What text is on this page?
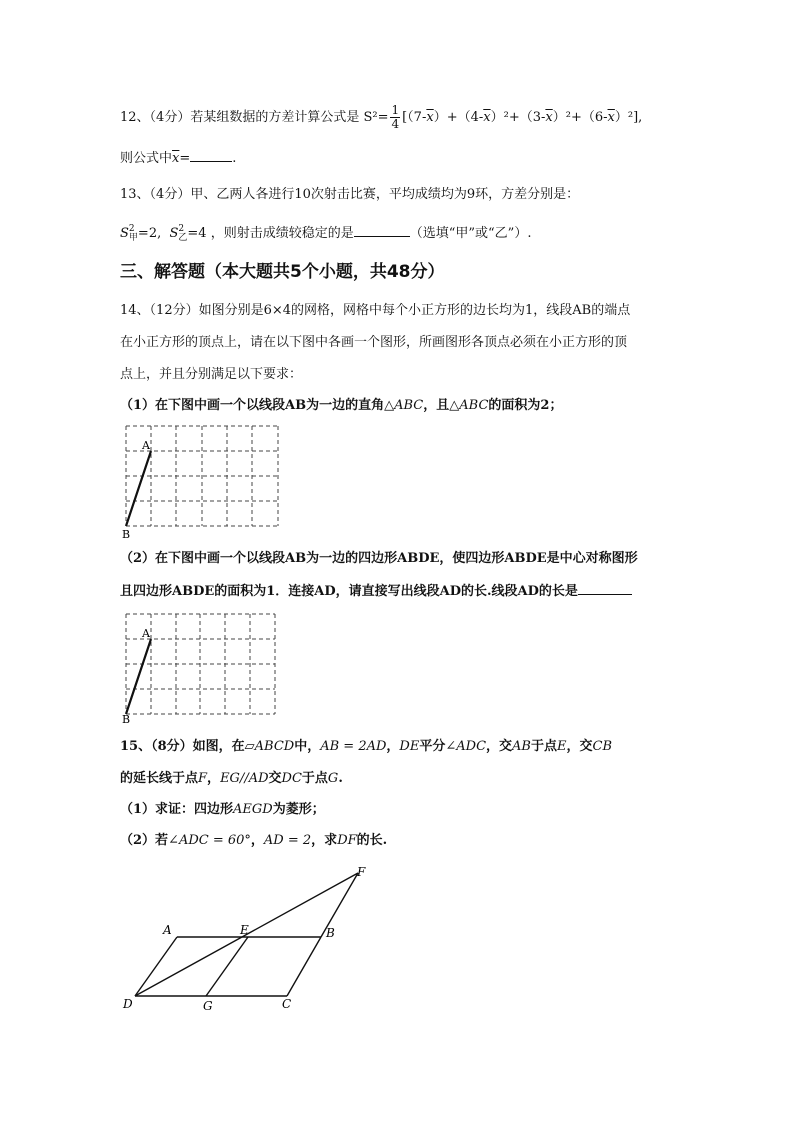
12、（4分）若某组数据的方差计算公式是 $S^2= \frac{1}{4} [(7-\overline{x})+(4-\overline{x})^2+(3-\overline{x})^2+(6-\overline{x})^2]$,
则公式中$\overline{x}=$	.
13、（4分）甲、乙两人各进行10次射击比赛，平均成绩均为9环，方差分别是：
S 2
甲 =2, S 2
乙 =4 ，则射击成绩较稳定的是	（选填“甲”或“乙”）.
三、解答题（本大题共5个小题，共48分）
14、（12分）如图分别是6×4的网格，网格中每个小正方形的边长均为1，线段AB的端点
在小正方形的顶点上，请在以下图中各画一个图形，所画图形各顶点必须在小正方形的顶
点上，并且分别满足以下要求：
（1）在下图中画一个以线段AB为一边的直角△ABC，且△ABC的面积为2；
A
B
（2）在下图中画一个以线段AB为一边的四边形ABDE，使四边形ABDE是中心对称图形
且四边形ABDE的面积为1．连接AD，请直接写出线段AD的长.线段AD的长是
A
B
15、（8分）如图，在▱ABCD中，AB = 2AD，DE平分∠ADC，交AB于点E，交CB
的延长线于点F，EG//AD交DC于点G.
（1）求证：四边形AEGD为菱形；
（2）若∠ADC = 60°，AD = 2，求DF的长.
A	E	B
F
D	G	C
